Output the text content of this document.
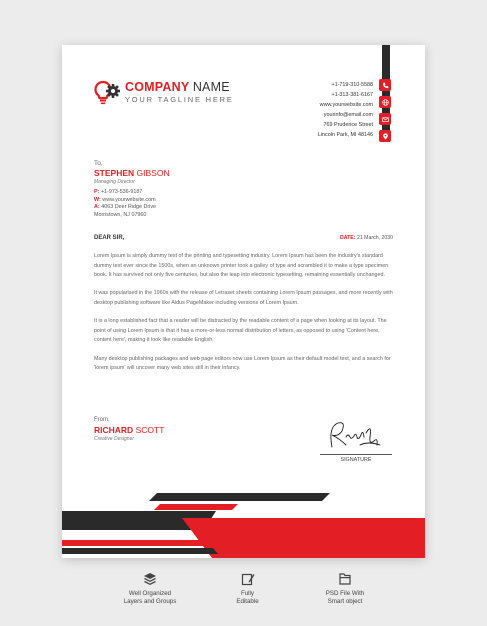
COMPANY NAME
YOUR TAGLINE HERE
+1-719-310-5588
+1-313-381-6167
www.yourwebsite.com
yourinfo@email.com
769 Prudence Street
Lincoln Park, MI 48146
To,
STEPHEN GIBSON
Managing Director
P: +1-973-536-9187
W: www.yourwebsite.com
A: 4063 Deer Ridge Drive
Morristown, NJ 07960
DEAR SIR,	DATE: 21 March, 2030

Lorem Ipsum is simply dummy text of the printing and typesetting industry. Lorem Ipsum has been the industry's standard dummy text ever since the 1500s, when an unknown printer took a galley of type and scrambled it to make a type specimen book. It has survived not only five centuries, but also the leap into electronic typesetting, remaining essentially unchanged.

It was popularised in the 1960s with the release of Letraset sheets containing Lorem Ipsum passages, and more recently with desktop publishing software like Aldus PageMaker including versions of Lorem Ipsum.

It is a long established fact that a reader will be distracted by the readable content of a page when looking at its layout. The point of using Lorem Ipsum is that it has a more-or-less normal distribution of letters, as opposed to using 'Content here, content here', making it look like readable English.

Many desktop publishing packages and web page editors now use Lorem Ipsum as their default model text, and a search for 'lorem ipsum' will uncover many web sites still in their infancy.

From,
RICHARD SCOTT
Creative Designer
SIGNATURE
Well Organized
Layers and Groups
Fully
Editable
PSD File With
Smart object
